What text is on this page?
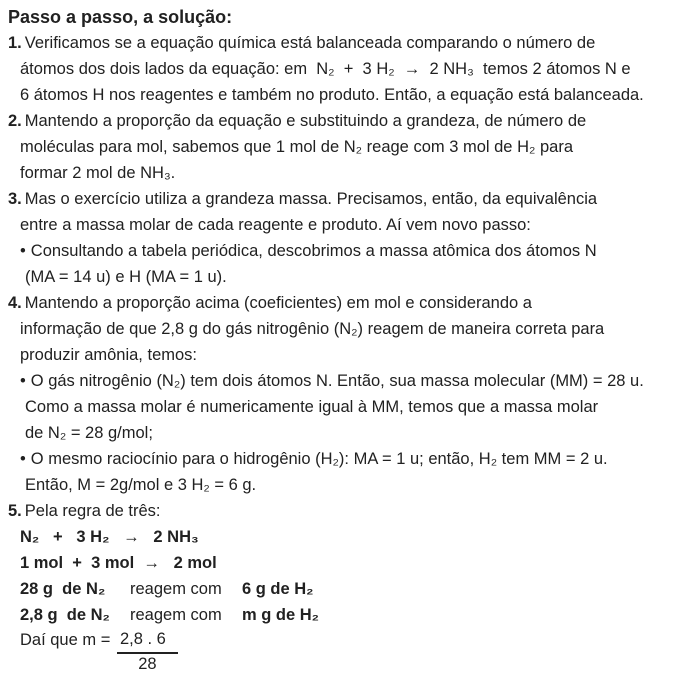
Passo a passo, a solução:
1. Verificamos se a equação química está balanceada comparando o número de
átomos dos dois lados da equação: em  N₂  +  3 H₂  →  2 NH₃  temos 2 átomos N e
6 átomos H nos reagentes e também no produto. Então, a equação está balanceada.
2. Mantendo a proporção da equação e substituindo a grandeza, de número de
moléculas para mol, sabemos que 1 mol de N₂ reage com 3 mol de H₂ para
formar 2 mol de NH₃.
3. Mas o exercício utiliza a grandeza massa. Precisamos, então, da equivalência
entre a massa molar de cada reagente e produto. Aí vem novo passo:
• Consultando a tabela periódica, descobrimos a massa atômica dos átomos N
(MA = 14 u) e H (MA = 1 u).
4. Mantendo a proporção acima (coeficientes) em mol e considerando a
informação de que 2,8 g do gás nitrogênio (N₂) reagem de maneira correta para
produzir amônia, temos:
• O gás nitrogênio (N₂) tem dois átomos N. Então, sua massa molecular (MM) = 28 u.
Como a massa molar é numericamente igual à MM, temos que a massa molar
de N₂ = 28 g/mol;
• O mesmo raciocínio para o hidrogênio (H₂): MA = 1 u; então, H₂ tem MM = 2 u.
Então, M = 2g/mol e 3 H₂ = 6 g.
5. Pela regra de três:
N₂   +   3 H₂   →   2 NH₃
1 mol  +  3 mol  →   2 mol
28 g  de N₂	reagem com	6 g de H₂
2,8 g  de N₂	reagem com	m g de H₂
Daí que $m = \frac{2,8 . 6}{28}$
